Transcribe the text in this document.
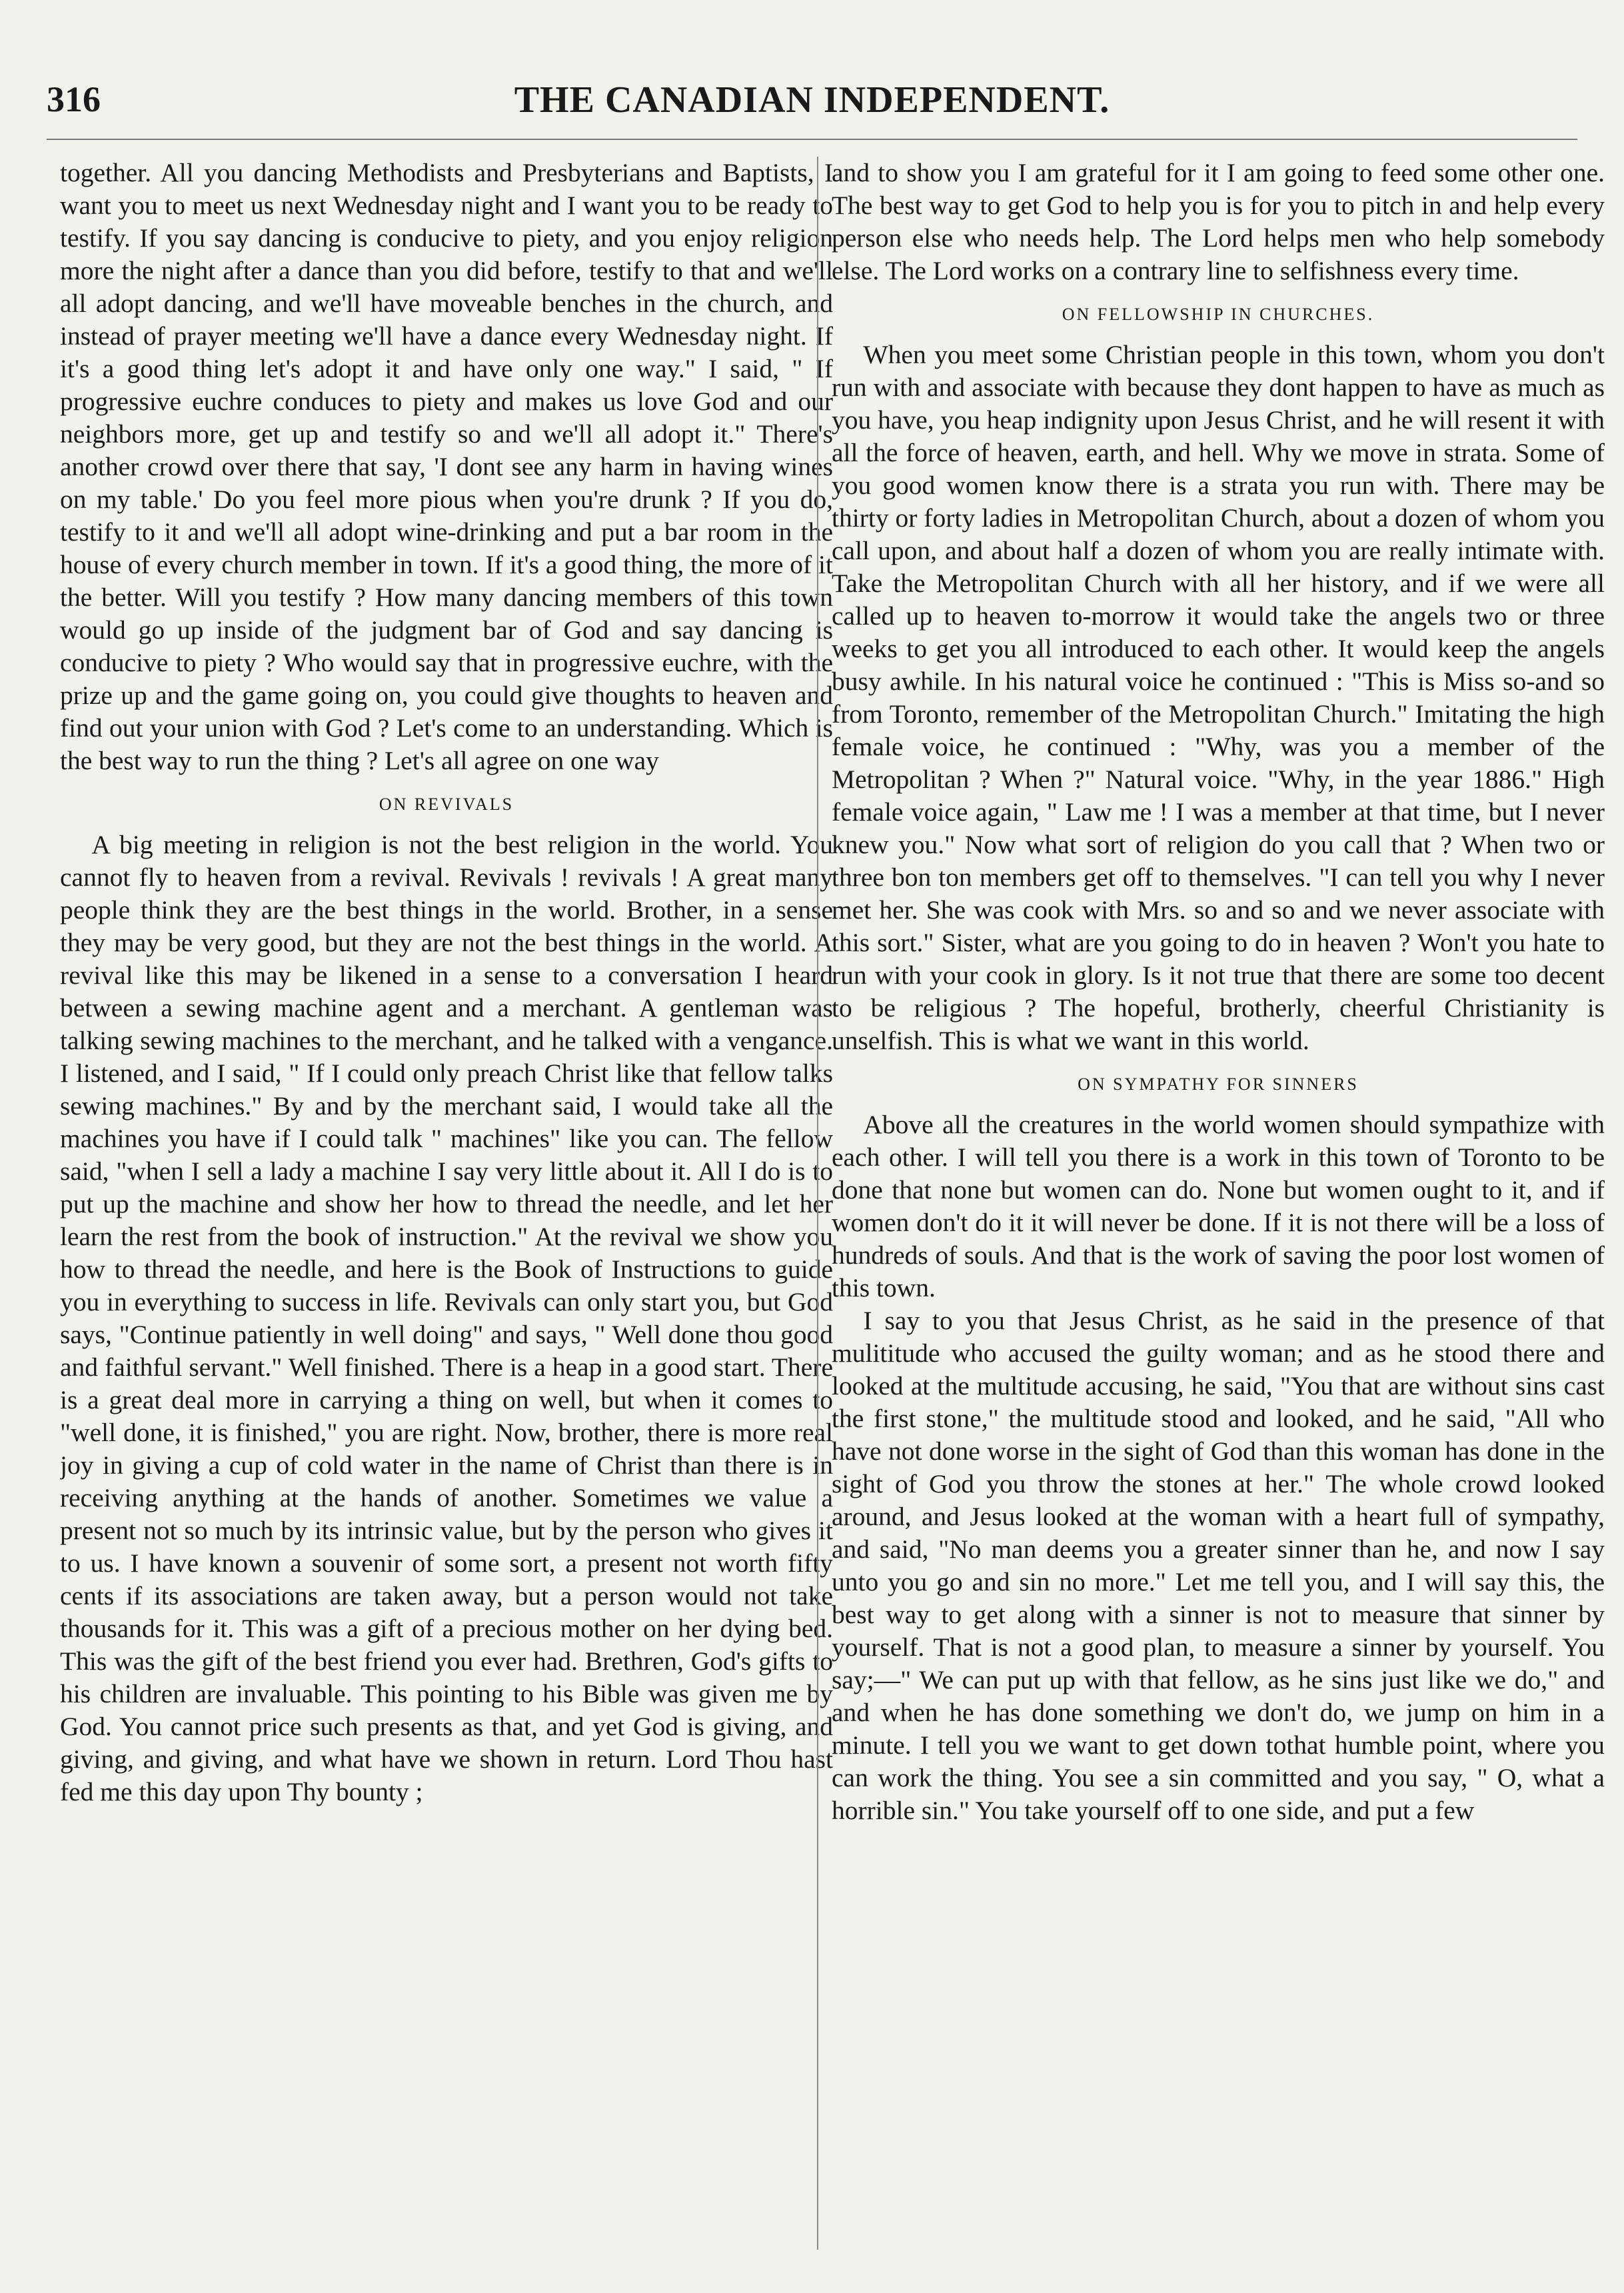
316	THE CANADIAN INDEPENDENT.

together. All you dancing Methodists and Presbyterians and Baptists, I want you to meet us next Wednesday night and I want you to be ready to testify. If you say dancing is conducive to piety, and you enjoy religion more the night after a dance than you did before, testify to that and we'll all adopt dancing, and we'll have moveable benches in the church, and instead of prayer meeting we'll have a dance every Wednesday night. If it's a good thing let's adopt it and have only one way." I said, " If progressive euchre conduces to piety and makes us love God and our neighbors more, get up and testify so and we'll all adopt it." There's another crowd over there that say, 'I dont see any harm in having wines on my table.' Do you feel more pious when you're drunk ? If you do, testify to it and we'll all adopt wine-drinking and put a bar room in the house of every church member in town. If it's a good thing, the more of it the better. Will you testify ? How many dancing members of this town would go up inside of the judgment bar of God and say dancing is conducive to piety ? Who would say that in progressive euchre, with the prize up and the game going on, you could give thoughts to heaven and find out your union with God ? Let's come to an understanding. Which is the best way to run the thing ? Let's all agree on one way

ON REVIVALS

A big meeting in religion is not the best religion in the world. You cannot fly to heaven from a revival. Revivals ! revivals ! A great many people think they are the best things in the world. Brother, in a sense they may be very good, but they are not the best things in the world. A revival like this may be likened in a sense to a conversation I heard between a sewing machine agent and a merchant. A gentleman was talking sewing machines to the merchant, and he talked with a vengance. I listened, and I said, " If I could only preach Christ like that fellow talks sewing machines." By and by the merchant said, I would take all the machines you have if I could talk " machines" like you can. The fellow said, "when I sell a lady a machine I say very little about it. All I do is to put up the machine and show her how to thread the needle, and let her learn the rest from the book of instruction." At the revival we show you how to thread the needle, and here is the Book of Instructions to guide you in everything to success in life. Revivals can only start you, but God says, "Continue patiently in well doing" and says, " Well done thou good and faithful servant." Well finished. There is a heap in a good start. There is a great deal more in carrying a thing on well, but when it comes to "well done, it is finished," you are right. Now, brother, there is more real joy in giving a cup of cold water in the name of Christ than there is in receiving anything at the hands of another. Sometimes we value a present not so much by its intrinsic value, but by the person who gives it to us. I have known a souvenir of some sort, a present not worth fifty cents if its associations are taken away, but a person would not take thousands for it. This was a gift of a precious mother on her dying bed. This was the gift of the best friend you ever had. Brethren, God's gifts to his children are invaluable. This pointing to his Bible was given me by God. You cannot price such presents as that, and yet God is giving, and giving, and giving, and what have we shown in return. Lord Thou hast fed me this day upon Thy bounty ;

and to show you I am grateful for it I am going to feed some other one. The best way to get God to help you is for you to pitch in and help every person else who needs help. The Lord helps men who help somebody else. The Lord works on a contrary line to selfishness every time.

ON FELLOWSHIP IN CHURCHES.

When you meet some Christian people in this town, whom you don't run with and associate with because they dont happen to have as much as you have, you heap indignity upon Jesus Christ, and he will resent it with all the force of heaven, earth, and hell. Why we move in strata. Some of you good women know there is a strata you run with. There may be thirty or forty ladies in Metropolitan Church, about a dozen of whom you call upon, and about half a dozen of whom you are really intimate with. Take the Metropolitan Church with all her history, and if we were all called up to heaven to-morrow it would take the angels two or three weeks to get you all introduced to each other. It would keep the angels busy awhile. In his natural voice he continued : "This is Miss so-and so from Toronto, remember of the Metropolitan Church." Imitating the high female voice, he continued : "Why, was you a member of the Metropolitan ? When ?" Natural voice. "Why, in the year 1886." High female voice again, " Law me ! I was a member at that time, but I never knew you." Now what sort of religion do you call that ? When two or three bon ton members get off to themselves. "I can tell you why I never met her. She was cook with Mrs. so and so and we never associate with this sort." Sister, what are you going to do in heaven ? Won't you hate to run with your cook in glory. Is it not true that there are some too decent to be religious ? The hopeful, brotherly, cheerful Christianity is unselfish. This is what we want in this world.

ON SYMPATHY FOR SINNERS

Above all the creatures in the world women should sympathize with each other. I will tell you there is a work in this town of Toronto to be done that none but women can do. None but women ought to it, and if women don't do it it will never be done. If it is not there will be a loss of hundreds of souls. And that is the work of saving the poor lost women of this town.

I say to you that Jesus Christ, as he said in the presence of that mulititude who accused the guilty woman; and as he stood there and looked at the multitude accusing, he said, "You that are without sins cast the first stone," the multitude stood and looked, and he said, "All who have not done worse in the sight of God than this woman has done in the sight of God you throw the stones at her." The whole crowd looked around, and Jesus looked at the woman with a heart full of sympathy, and said, "No man deems you a greater sinner than he, and now I say unto you go and sin no more." Let me tell you, and I will say this, the best way to get along with a sinner is not to measure that sinner by yourself. That is not a good plan, to measure a sinner by yourself. You say;—" We can put up with that fellow, as he sins just like we do," and and when he has done something we don't do, we jump on him in a minute. I tell you we want to get down tothat humble point, where you can work the thing. You see a sin committed and you say, " O, what a horrible sin." You take yourself off to one side, and put a few
